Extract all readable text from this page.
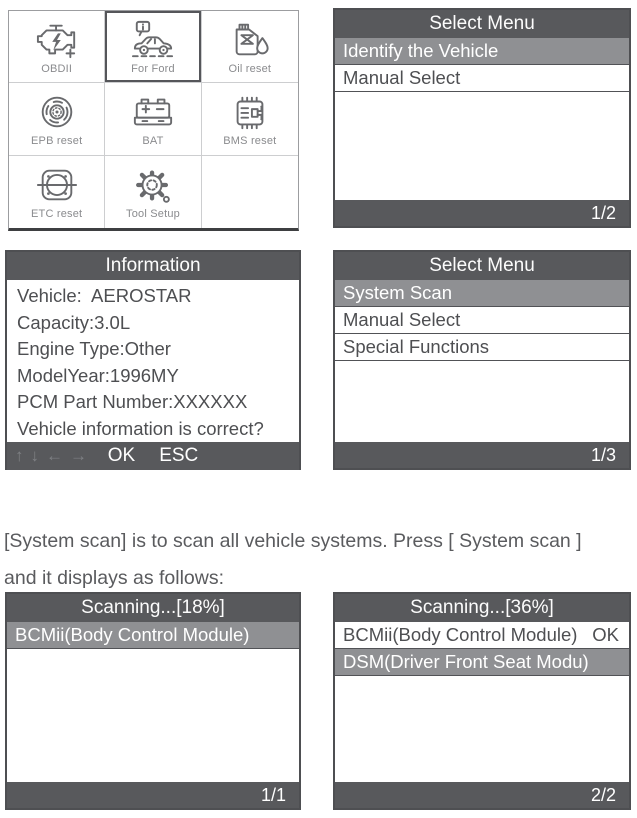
OBDII	For Ford	Oil reset
EPB reset	BAT	BMS reset
ETC reset	Tool Setup
Select Menu
Identify the Vehicle
Manual Select
1/2
Information
Vehicle:  AEROSTAR
Capacity:3.0L
Engine Type:Other
ModelYear:1996MY
PCM Part Number:XXXXXX
Vehicle information is correct?
↑ ↓ ← → OK ESC
Select Menu
System Scan
Manual Select
Special Functions
1/3

[System scan] is to scan all vehicle systems. Press [ System scan ] and it displays as follows:

Scanning...[18%]
BCMii(Body Control Module)
1/1
Scanning...[36%]
BCMii(Body Control Module) OK
DSM(Driver Front Seat Modu)
2/2
